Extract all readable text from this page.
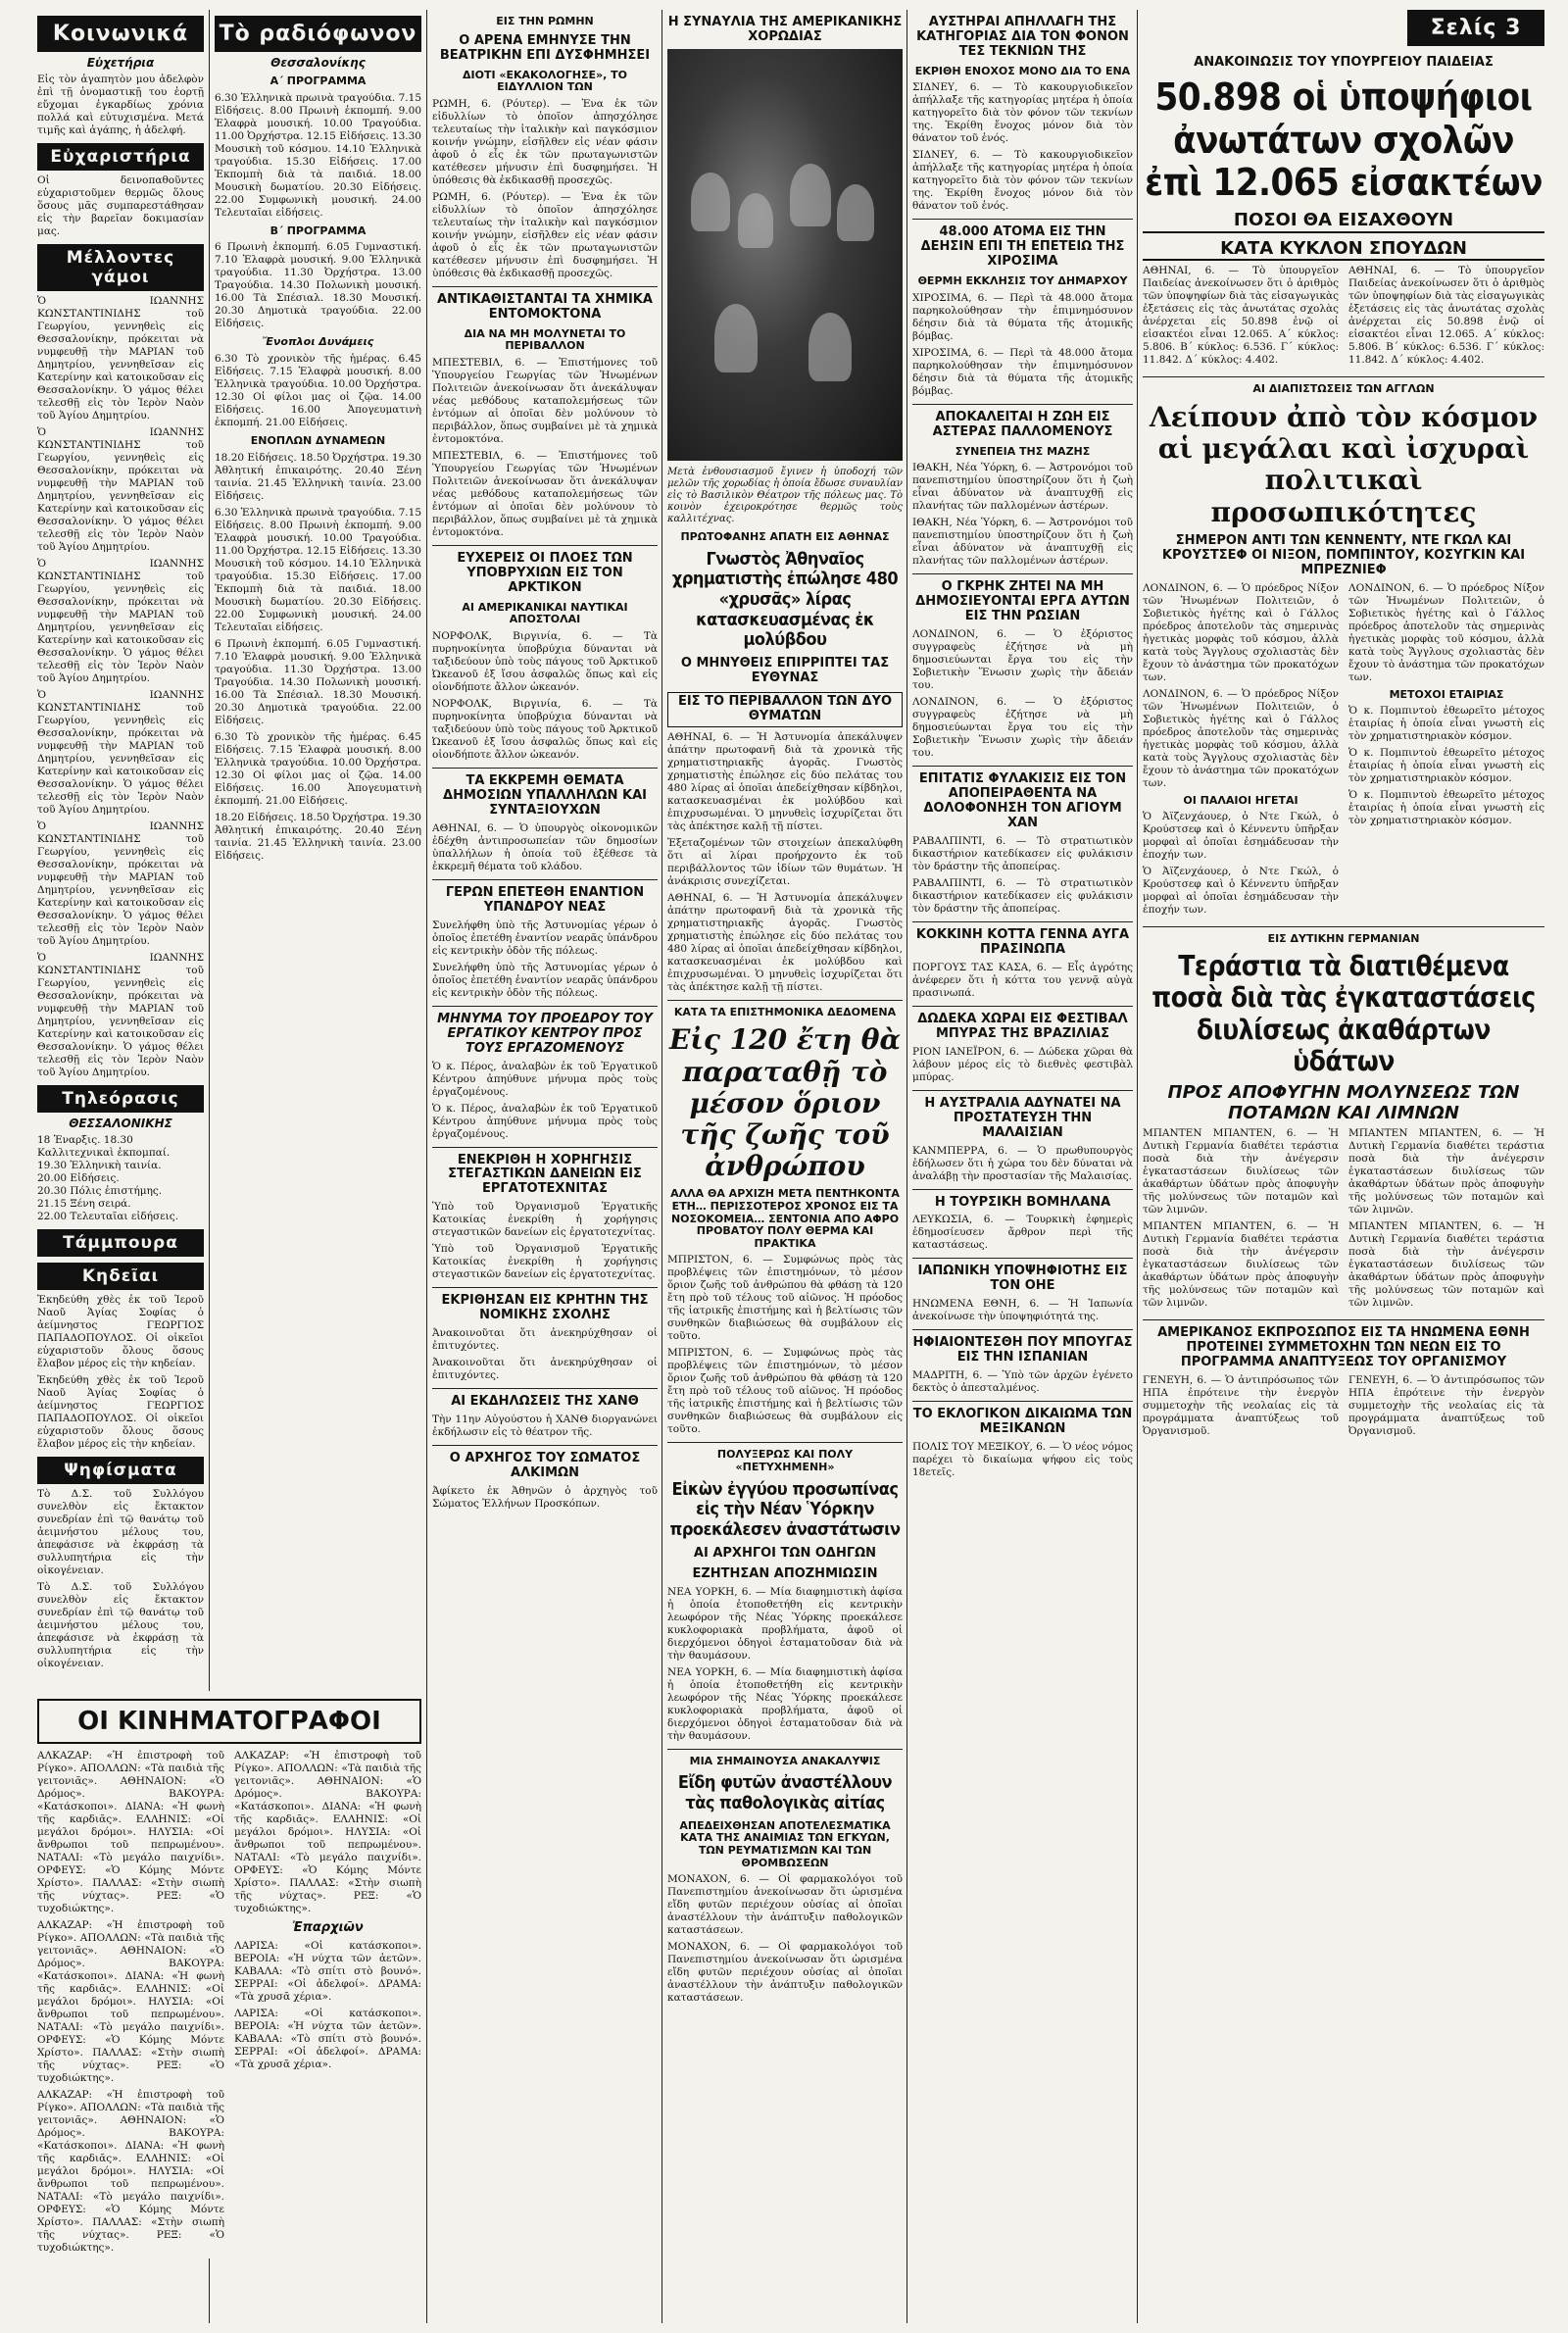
Κοινωνικά
Εὐχετήρια

Εἰς τὸν ἀγαπητὸν μου ἀδελφὸν ἐπὶ τῇ ὀνομαστικῇ του ἑορτῇ εὔχομαι ἐγκαρδίως χρόνια πολλά καὶ εὐτυχισμένα. Μετά τιμῆς καὶ ἀγάπης, ἡ ἀδελφή.

Εὐχαριστήρια

Οἱ δεινοπαθοῦντες εὐχαριστοῦμεν θερμῶς ὅλους ὅσους μᾶς συμπαρεστάθησαν εἰς τὴν βαρεῖαν δοκιμασίαν μας.

Μέλλοντες γάμοι

Ὁ ΙΩΑΝΝΗΣ ΚΩΝΣΤΑΝΤΙΝΙΔΗΣ τοῦ Γεωργίου, γεννηθεὶς εἰς Θεσσαλονίκην, πρόκειται νὰ νυμφευθῇ τὴν ΜΑΡΙΑΝ τοῦ Δημητρίου, γεννηθεῖσαν εἰς Κατερίνην καὶ κατοικοῦσαν εἰς Θεσσαλονίκην. Ὁ γάμος θέλει τελεσθῇ εἰς τὸν Ἱερὸν Ναὸν τοῦ Ἁγίου Δημητρίου.

Ὁ ΙΩΑΝΝΗΣ ΚΩΝΣΤΑΝΤΙΝΙΔΗΣ τοῦ Γεωργίου, γεννηθεὶς εἰς Θεσσαλονίκην, πρόκειται νὰ νυμφευθῇ τὴν ΜΑΡΙΑΝ τοῦ Δημητρίου, γεννηθεῖσαν εἰς Κατερίνην καὶ κατοικοῦσαν εἰς Θεσσαλονίκην. Ὁ γάμος θέλει τελεσθῇ εἰς τὸν Ἱερὸν Ναὸν τοῦ Ἁγίου Δημητρίου.

Ὁ ΙΩΑΝΝΗΣ ΚΩΝΣΤΑΝΤΙΝΙΔΗΣ τοῦ Γεωργίου, γεννηθεὶς εἰς Θεσσαλονίκην, πρόκειται νὰ νυμφευθῇ τὴν ΜΑΡΙΑΝ τοῦ Δημητρίου, γεννηθεῖσαν εἰς Κατερίνην καὶ κατοικοῦσαν εἰς Θεσσαλονίκην. Ὁ γάμος θέλει τελεσθῇ εἰς τὸν Ἱερὸν Ναὸν τοῦ Ἁγίου Δημητρίου.

Ὁ ΙΩΑΝΝΗΣ ΚΩΝΣΤΑΝΤΙΝΙΔΗΣ τοῦ Γεωργίου, γεννηθεὶς εἰς Θεσσαλονίκην, πρόκειται νὰ νυμφευθῇ τὴν ΜΑΡΙΑΝ τοῦ Δημητρίου, γεννηθεῖσαν εἰς Κατερίνην καὶ κατοικοῦσαν εἰς Θεσσαλονίκην. Ὁ γάμος θέλει τελεσθῇ εἰς τὸν Ἱερὸν Ναὸν τοῦ Ἁγίου Δημητρίου.

Ὁ ΙΩΑΝΝΗΣ ΚΩΝΣΤΑΝΤΙΝΙΔΗΣ τοῦ Γεωργίου, γεννηθεὶς εἰς Θεσσαλονίκην, πρόκειται νὰ νυμφευθῇ τὴν ΜΑΡΙΑΝ τοῦ Δημητρίου, γεννηθεῖσαν εἰς Κατερίνην καὶ κατοικοῦσαν εἰς Θεσσαλονίκην. Ὁ γάμος θέλει τελεσθῇ εἰς τὸν Ἱερὸν Ναὸν τοῦ Ἁγίου Δημητρίου.

Ὁ ΙΩΑΝΝΗΣ ΚΩΝΣΤΑΝΤΙΝΙΔΗΣ τοῦ Γεωργίου, γεννηθεὶς εἰς Θεσσαλονίκην, πρόκειται νὰ νυμφευθῇ τὴν ΜΑΡΙΑΝ τοῦ Δημητρίου, γεννηθεῖσαν εἰς Κατερίνην καὶ κατοικοῦσαν εἰς Θεσσαλονίκην. Ὁ γάμος θέλει τελεσθῇ εἰς τὸν Ἱερὸν Ναὸν τοῦ Ἁγίου Δημητρίου.

Τηλεόρασις
ΘΕΣΣΑΛΟΝΙΚΗΣ
18 Ἐναρξις. 18.30 Καλλιτεχνικαὶ ἐκπομπαί.
19.30 Ἐλληνικὴ ταινία.
20.00 Εἰδήσεις.
20.30 Πόλις ἐπιστήμης.
21.15 Ξένη σειρά.
22.00 Τελευταῖαι εἰδήσεις.
Τάμμπουρα
Κηδεῖαι

Ἐκηδεύθη χθὲς ἐκ τοῦ Ἱεροῦ Ναοῦ Ἁγίας Σοφίας ὁ ἀείμνηστος ΓΕΩΡΓΙΟΣ ΠΑΠΑΔΟΠΟΥΛΟΣ. Οἱ οἰκεῖοι εὐχαριστοῦν ὅλους ὅσους ἔλαβον μέρος εἰς τὴν κηδείαν.

Ἐκηδεύθη χθὲς ἐκ τοῦ Ἱεροῦ Ναοῦ Ἁγίας Σοφίας ὁ ἀείμνηστος ΓΕΩΡΓΙΟΣ ΠΑΠΑΔΟΠΟΥΛΟΣ. Οἱ οἰκεῖοι εὐχαριστοῦν ὅλους ὅσους ἔλαβον μέρος εἰς τὴν κηδείαν.

Ψηφίσματα

Τὸ Δ.Σ. τοῦ Συλλόγου συνελθὸν εἰς ἔκτακτον συνεδρίαν ἐπὶ τῷ θανάτῳ τοῦ ἀειμνήστου μέλους του, ἀπεφάσισε νὰ ἐκφράσῃ τὰ συλλυπητήρια εἰς τὴν οἰκογένειαν.

Τὸ Δ.Σ. τοῦ Συλλόγου συνελθὸν εἰς ἔκτακτον συνεδρίαν ἐπὶ τῷ θανάτῳ τοῦ ἀειμνήστου μέλους του, ἀπεφάσισε νὰ ἐκφράσῃ τὰ συλλυπητήρια εἰς τὴν οἰκογένειαν.

Τὸ ραδιόφωνον
Θεσσαλονίκης
Α΄ ΠΡΟΓΡΑΜΜΑ

6.30 Ἑλληνικὰ πρωινὰ τραγούδια. 7.15 Εἰδήσεις. 8.00 Πρωινὴ ἐκπομπή. 9.00 Ἐλαφρὰ μουσική. 10.00 Τραγούδια. 11.00 Ὀρχήστρα. 12.15 Εἰδήσεις. 13.30 Μουσικὴ τοῦ κόσμου. 14.10 Ἑλληνικὰ τραγούδια. 15.30 Εἰδήσεις. 17.00 Ἐκπομπὴ διὰ τὰ παιδιά. 18.00 Μουσικὴ δωματίου. 20.30 Εἰδήσεις. 22.00 Συμφωνικὴ μουσική. 24.00 Τελευταῖαι εἰδήσεις.

Β΄ ΠΡΟΓΡΑΜΜΑ

6 Πρωινὴ ἐκπομπή. 6.05 Γυμναστική. 7.10 Ἑλαφρὰ μουσική. 9.00 Ἐλληνικὰ τραγούδια. 11.30 Ὀρχήστρα. 13.00 Τραγούδια. 14.30 Πολωνικὴ μουσική. 16.00 Τὰ Σπέσιαλ. 18.30 Μουσική. 20.30 Δημοτικὰ τραγούδια. 22.00 Εἰδήσεις.

Ἔνοπλοι Δυνάμεις

6.30 Τὸ χρονικὸν τῆς ἡμέρας. 6.45 Εἰδήσεις. 7.15 Ἐλαφρὰ μουσική. 8.00 Ἐλληνικὰ τραγούδια. 10.00 Ὀρχήστρα. 12.30 Οἱ φίλοι μας οἱ ζῷα. 14.00 Εἰδήσεις. 16.00 Ἀπογευματινὴ ἐκπομπή. 21.00 Εἰδήσεις.

ΕΝΟΠΛΩΝ ΔΥΝΑΜΕΩΝ

18.20 Εἰδήσεις. 18.50 Ὀρχήστρα. 19.30 Ἀθλητική ἐπικαιρότης. 20.40 Ξένη ταινία. 21.45 Ἑλληνικὴ ταινία. 23.00 Εἰδήσεις.

6.30 Ἑλληνικὰ πρωινὰ τραγούδια. 7.15 Εἰδήσεις. 8.00 Πρωινὴ ἐκπομπή. 9.00 Ἐλαφρὰ μουσική. 10.00 Τραγούδια. 11.00 Ὀρχήστρα. 12.15 Εἰδήσεις. 13.30 Μουσικὴ τοῦ κόσμου. 14.10 Ἑλληνικὰ τραγούδια. 15.30 Εἰδήσεις. 17.00 Ἐκπομπὴ διὰ τὰ παιδιά. 18.00 Μουσικὴ δωματίου. 20.30 Εἰδήσεις. 22.00 Συμφωνικὴ μουσική. 24.00 Τελευταῖαι εἰδήσεις.

6 Πρωινὴ ἐκπομπή. 6.05 Γυμναστική. 7.10 Ἑλαφρὰ μουσική. 9.00 Ἐλληνικὰ τραγούδια. 11.30 Ὀρχήστρα. 13.00 Τραγούδια. 14.30 Πολωνικὴ μουσική. 16.00 Τὰ Σπέσιαλ. 18.30 Μουσική. 20.30 Δημοτικὰ τραγούδια. 22.00 Εἰδήσεις.

6.30 Τὸ χρονικὸν τῆς ἡμέρας. 6.45 Εἰδήσεις. 7.15 Ἐλαφρὰ μουσική. 8.00 Ἐλληνικὰ τραγούδια. 10.00 Ὀρχήστρα. 12.30 Οἱ φίλοι μας οἱ ζῷα. 14.00 Εἰδήσεις. 16.00 Ἀπογευματινὴ ἐκπομπή. 21.00 Εἰδήσεις.

18.20 Εἰδήσεις. 18.50 Ὀρχήστρα. 19.30 Ἀθλητική ἐπικαιρότης. 20.40 Ξένη ταινία. 21.45 Ἑλληνικὴ ταινία. 23.00 Εἰδήσεις.

ΟΙ ΚΙΝΗΜΑΤΟΓΡΑΦΟΙ

ΑΛΚΑΖΑΡ: «Ἡ ἐπιστροφὴ τοῦ Ρίγκο». ΑΠΟΛΛΩΝ: «Τὰ παιδιὰ τῆς γειτονιᾶς». ΑΘΗΝΑΙΟΝ: «Ὁ Δρόμος». ΒΑΚΟΥΡΑ: «Κατάσκοποι». ΔΙΑΝΑ: «Ἡ φωνὴ τῆς καρδιᾶς». ΕΛΛΗΝΙΣ: «Οἱ μεγάλοι δρόμοι». ΗΛΥΣΙΑ: «Οἱ ἄνθρωποι τοῦ πεπρωμένου». ΝΑΤΑΛΙ: «Τὸ μεγάλο παιχνίδι». ΟΡΦΕΥΣ: «Ὁ Κόμης Μόντε Χρίστο». ΠΑΛΛΑΣ: «Στὴν σιωπὴ τῆς νύχτας». ΡΕΞ: «Ὁ τυχοδιώκτης».

ΑΛΚΑΖΑΡ: «Ἡ ἐπιστροφὴ τοῦ Ρίγκο». ΑΠΟΛΛΩΝ: «Τὰ παιδιὰ τῆς γειτονιᾶς». ΑΘΗΝΑΙΟΝ: «Ὁ Δρόμος». ΒΑΚΟΥΡΑ: «Κατάσκοποι». ΔΙΑΝΑ: «Ἡ φωνὴ τῆς καρδιᾶς». ΕΛΛΗΝΙΣ: «Οἱ μεγάλοι δρόμοι». ΗΛΥΣΙΑ: «Οἱ ἄνθρωποι τοῦ πεπρωμένου». ΝΑΤΑΛΙ: «Τὸ μεγάλο παιχνίδι». ΟΡΦΕΥΣ: «Ὁ Κόμης Μόντε Χρίστο». ΠΑΛΛΑΣ: «Στὴν σιωπὴ τῆς νύχτας». ΡΕΞ: «Ὁ τυχοδιώκτης».

ΑΛΚΑΖΑΡ: «Ἡ ἐπιστροφὴ τοῦ Ρίγκο». ΑΠΟΛΛΩΝ: «Τὰ παιδιὰ τῆς γειτονιᾶς». ΑΘΗΝΑΙΟΝ: «Ὁ Δρόμος». ΒΑΚΟΥΡΑ: «Κατάσκοποι». ΔΙΑΝΑ: «Ἡ φωνὴ τῆς καρδιᾶς». ΕΛΛΗΝΙΣ: «Οἱ μεγάλοι δρόμοι». ΗΛΥΣΙΑ: «Οἱ ἄνθρωποι τοῦ πεπρωμένου». ΝΑΤΑΛΙ: «Τὸ μεγάλο παιχνίδι». ΟΡΦΕΥΣ: «Ὁ Κόμης Μόντε Χρίστο». ΠΑΛΛΑΣ: «Στὴν σιωπὴ τῆς νύχτας». ΡΕΞ: «Ὁ τυχοδιώκτης».

ΑΛΚΑΖΑΡ: «Ἡ ἐπιστροφὴ τοῦ Ρίγκο». ΑΠΟΛΛΩΝ: «Τὰ παιδιὰ τῆς γειτονιᾶς». ΑΘΗΝΑΙΟΝ: «Ὁ Δρόμος». ΒΑΚΟΥΡΑ: «Κατάσκοποι». ΔΙΑΝΑ: «Ἡ φωνὴ τῆς καρδιᾶς». ΕΛΛΗΝΙΣ: «Οἱ μεγάλοι δρόμοι». ΗΛΥΣΙΑ: «Οἱ ἄνθρωποι τοῦ πεπρωμένου». ΝΑΤΑΛΙ: «Τὸ μεγάλο παιχνίδι». ΟΡΦΕΥΣ: «Ὁ Κόμης Μόντε Χρίστο». ΠΑΛΛΑΣ: «Στὴν σιωπὴ τῆς νύχτας». ΡΕΞ: «Ὁ τυχοδιώκτης».

Ἐπαρχιῶν

ΛΑΡΙΣΑ: «Οἱ κατάσκοποι». ΒΕΡΟΙΑ: «Ἡ νύχτα τῶν ἀετῶν». ΚΑΒΑΛΑ: «Τὸ σπίτι στὸ βουνό». ΣΕΡΡΑΙ: «Οἱ ἀδελφοί». ΔΡΑΜΑ: «Τὰ χρυσᾶ χέρια».

ΛΑΡΙΣΑ: «Οἱ κατάσκοποι». ΒΕΡΟΙΑ: «Ἡ νύχτα τῶν ἀετῶν». ΚΑΒΑΛΑ: «Τὸ σπίτι στὸ βουνό». ΣΕΡΡΑΙ: «Οἱ ἀδελφοί». ΔΡΑΜΑ: «Τὰ χρυσᾶ χέρια».

ΕΙΣ ΤΗΝ ΡΩΜΗΝ
Ο ΑΡΕΝΑ ΕΜΗΝΥΣΕ ΤΗΝ ΒΕΑΤΡΙΚΗΝ ΕΠΙ ΔΥΣΦΗΜΗΣΕΙ
ΔΙΟΤΙ «ΕΚΑΚΟΛΟΓΗΣΕ», ΤΟ ΕΙΔΥΛΛΙΟΝ ΤΩΝ

ΡΩΜΗ, 6. (Ρόυτερ). — Ἑνα ἐκ τῶν εἰδυλλίων τὸ ὁποῖον ἀπησχόλησε τελευταίως τὴν ἰταλικὴν καὶ παγκόσμιον κοινήν γνώμην, εἰσῆλθεν εἰς νέαν φάσιν ἀφοῦ ὁ εἷς ἐκ τῶν πρωταγωνιστῶν κατέθεσεν μήνυσιν ἐπὶ δυσφημήσει. Ἡ ὑπόθεσις θὰ ἐκδικασθῇ προσεχῶς.

ΡΩΜΗ, 6. (Ρόυτερ). — Ἑνα ἐκ τῶν εἰδυλλίων τὸ ὁποῖον ἀπησχόλησε τελευταίως τὴν ἰταλικὴν καὶ παγκόσμιον κοινήν γνώμην, εἰσῆλθεν εἰς νέαν φάσιν ἀφοῦ ὁ εἷς ἐκ τῶν πρωταγωνιστῶν κατέθεσεν μήνυσιν ἐπὶ δυσφημήσει. Ἡ ὑπόθεσις θὰ ἐκδικασθῇ προσεχῶς.

ΑΝΤΙΚΑΘΙΣΤΑΝΤΑΙ ΤΑ ΧΗΜΙΚΑ ΕΝΤΟΜΟΚΤΟΝΑ
ΔΙΑ ΝΑ ΜΗ ΜΟΛΥΝΕΤΑΙ ΤΟ ΠΕΡΙΒΑΛΛΟΝ

ΜΠΕΣΤΕΒΙΛ, 6. — Ἐπιστήμονες τοῦ Ὑπουργείου Γεωργίας τῶν Ἡνωμένων Πολιτειῶν ἀνεκοίνωσαν ὅτι ἀνεκάλυψαν νέας μεθόδους καταπολεμήσεως τῶν ἐντόμων αἱ ὁποῖαι δὲν μολύνουν τὸ περιβάλλον, ὅπως συμβαίνει μὲ τὰ χημικὰ ἐντομοκτόνα.

ΜΠΕΣΤΕΒΙΛ, 6. — Ἐπιστήμονες τοῦ Ὑπουργείου Γεωργίας τῶν Ἡνωμένων Πολιτειῶν ἀνεκοίνωσαν ὅτι ἀνεκάλυψαν νέας μεθόδους καταπολεμήσεως τῶν ἐντόμων αἱ ὁποῖαι δὲν μολύνουν τὸ περιβάλλον, ὅπως συμβαίνει μὲ τὰ χημικὰ ἐντομοκτόνα.

ΕΥΧΕΡΕΙΣ ΟΙ ΠΛΟΕΣ ΤΩΝ ΥΠΟΒΡΥΧΙΩΝ ΕΙΣ ΤΟΝ ΑΡΚΤΙΚΟΝ
ΑΙ ΑΜΕΡΙΚΑΝΙΚΑΙ ΝΑΥΤΙΚΑΙ ΑΠΟΣΤΟΛΑΙ

ΝΟΡΦΟΛΚ, Βιργινία, 6. — Τὰ πυρηνοκίνητα ὑποβρύχια δύνανται νὰ ταξιδεύουν ὑπὸ τοὺς πάγους τοῦ Ἀρκτικοῦ Ὠκεανοῦ ἐξ ἴσου ἀσφαλῶς ὅπως καὶ εἰς οἱονδήποτε ἄλλον ὠκεανόν.

ΝΟΡΦΟΛΚ, Βιργινία, 6. — Τὰ πυρηνοκίνητα ὑποβρύχια δύνανται νὰ ταξιδεύουν ὑπὸ τοὺς πάγους τοῦ Ἀρκτικοῦ Ὠκεανοῦ ἐξ ἴσου ἀσφαλῶς ὅπως καὶ εἰς οἱονδήποτε ἄλλον ὠκεανόν.

ΤΑ ΕΚΚΡΕΜΗ ΘΕΜΑΤΑ ΔΗΜΟΣΙΩΝ ΥΠΑΛΛΗΛΩΝ ΚΑΙ ΣΥΝΤΑΞΙΟΥΧΩΝ

ΑΘΗΝΑΙ, 6. — Ὁ ὑπουργὸς οἰκονομικῶν ἐδέχθη ἀντιπροσωπείαν τῶν δημοσίων ὑπαλλήλων ἡ ὁποία τοῦ ἐξέθεσε τὰ ἐκκρεμῆ θέματα τοῦ κλάδου.

ΓΕΡΩΝ ΕΠΕΤΕΘΗ ΕΝΑΝΤΙΟΝ ΥΠΑΝΔΡΟΥ ΝΕΑΣ

Συνελήφθη ὑπὸ τῆς Ἀστυνομίας γέρων ὁ ὁποῖος ἐπετέθη ἐναντίον νεαρᾶς ὑπάνδρου εἰς κεντρικὴν ὁδὸν τῆς πόλεως.

Συνελήφθη ὑπὸ τῆς Ἀστυνομίας γέρων ὁ ὁποῖος ἐπετέθη ἐναντίον νεαρᾶς ὑπάνδρου εἰς κεντρικὴν ὁδὸν τῆς πόλεως.

ΜΗΝΥΜΑ ΤΟΥ ΠΡΟΕΔΡΟΥ ΤΟΥ ΕΡΓΑΤΙΚΟΥ ΚΕΝΤΡΟΥ ΠΡΟΣ ΤΟΥΣ ΕΡΓΑΖΟΜΕΝΟΥΣ

Ὁ κ. Πέρος, ἀναλαβὼν ἐκ τοῦ Ἐργατικοῦ Κέντρου ἀπηύθυνε μήνυμα πρὸς τοὺς ἐργαζομένους.

Ὁ κ. Πέρος, ἀναλαβὼν ἐκ τοῦ Ἐργατικοῦ Κέντρου ἀπηύθυνε μήνυμα πρὸς τοὺς ἐργαζομένους.

ΕΝΕΚΡΙΘΗ Η ΧΟΡΗΓΗΣΙΣ ΣΤΕΓΑΣΤΙΚΩΝ ΔΑΝΕΙΩΝ ΕΙΣ ΕΡΓΑΤΟΤΕΧΝΙΤΑΣ

Ὑπὸ τοῦ Ὀργανισμοῦ Ἐργατικῆς Κατοικίας ἐνεκρίθη ἡ χορήγησις στεγαστικῶν δανείων εἰς ἐργατοτεχνίτας.

Ὑπὸ τοῦ Ὀργανισμοῦ Ἐργατικῆς Κατοικίας ἐνεκρίθη ἡ χορήγησις στεγαστικῶν δανείων εἰς ἐργατοτεχνίτας.

ΕΚΡΙΘΗΣΑΝ ΕΙΣ ΚΡΗΤΗΝ ΤΗΣ ΝΟΜΙΚΗΣ ΣΧΟΛΗΣ

Ἀνακοινοῦται ὅτι ἀνεκηρύχθησαν οἱ ἐπιτυχόντες.

Ἀνακοινοῦται ὅτι ἀνεκηρύχθησαν οἱ ἐπιτυχόντες.

ΑΙ ΕΚΔΗΛΩΣΕΙΣ ΤΗΣ ΧΑΝΘ

Τὴν 11ην Αὐγούστου ἡ ΧΑΝΘ διοργανώνει ἐκδήλωσιν εἰς τὸ θέατρον τῆς.

Ο ΑΡΧΗΓΟΣ ΤΟΥ ΣΩΜΑΤΟΣ ΑΛΚΙΜΩΝ

Ἀφίκετο ἐκ Ἀθηνῶν ὁ ἀρχηγὸς τοῦ Σώματος Ἑλλήνων Προσκόπων.

Η ΣΥΝΑΥΛΙΑ ΤΗΣ ΑΜΕΡΙΚΑΝΙΚΗΣ ΧΟΡΩΔΙΑΣ
Μετὰ ἐνθουσιασμοῦ ἔγινεν ἡ ὑποδοχή τῶν μελῶν τῆς χορωδίας ἡ ὁποία ἔδωσε συναυλίαν εἰς τὸ Βασιλικὸν Θέατρον τῆς πόλεως μας. Τὸ κοινὸν ἐχειροκρότησε θερμῶς τοὺς καλλιτέχνας.
ΠΡΩΤΟΦΑΝΗΣ ΑΠΑΤΗ ΕΙΣ ΑΘΗΝΑΣ
Γνωστὸς Ἀθηναῖος χρηματιστὴς ἐπώλησε 480 «χρυσᾶς» λίρας κατασκευασμένας ἐκ μολύβδου
Ο ΜΗΝΥΘΕΙΣ ΕΠΙΡΡΙΠΤΕΙ ΤΑΣ ΕΥΘΥΝΑΣ
ΕΙΣ ΤΟ ΠΕΡΙΒΑΛΛΟΝ ΤΩΝ ΔΥΟ ΘΥΜΑΤΩΝ

ΑΘΗΝΑΙ, 6. — Ἡ Ἀστυνομία ἀπεκάλυψεν ἀπάτην πρωτοφανῆ διὰ τὰ χρονικὰ τῆς χρηματιστηριακῆς ἀγορᾶς. Γνωστὸς χρηματιστὴς ἐπώλησε εἰς δύο πελάτας του 480 λίρας αἱ ὁποῖαι ἀπεδείχθησαν κίβδηλοι, κατασκευασμέναι ἐκ μολύβδου καὶ ἐπιχρυσωμέναι. Ὁ μηνυθεὶς ἰσχυρίζεται ὅτι τὰς ἀπέκτησε καλῇ τῇ πίστει.

Ἐξεταζομένων τῶν στοιχείων ἀπεκαλύφθη ὅτι αἱ λίραι προήρχοντο ἐκ τοῦ περιβάλλοντος τῶν ἰδίων τῶν θυμάτων. Ἡ ἀνάκρισις συνεχίζεται.

ΑΘΗΝΑΙ, 6. — Ἡ Ἀστυνομία ἀπεκάλυψεν ἀπάτην πρωτοφανῆ διὰ τὰ χρονικὰ τῆς χρηματιστηριακῆς ἀγορᾶς. Γνωστὸς χρηματιστὴς ἐπώλησε εἰς δύο πελάτας του 480 λίρας αἱ ὁποῖαι ἀπεδείχθησαν κίβδηλοι, κατασκευασμέναι ἐκ μολύβδου καὶ ἐπιχρυσωμέναι. Ὁ μηνυθεὶς ἰσχυρίζεται ὅτι τὰς ἀπέκτησε καλῇ τῇ πίστει.

ΚΑΤΑ ΤΑ ΕΠΙΣΤΗΜΟΝΙΚΑ ΔΕΔΟΜΕΝΑ
Εἰς 120 ἔτη θὰ παραταθῇ τὸ μέσον ὅριον τῆς ζωῆς τοῦ ἀνθρώπου
ΑΛΛΑ ΘΑ ΑΡΧΙΖΗ ΜΕΤΑ ΠΕΝΤΗΚΟΝΤΑ ΕΤΗ… ΠΕΡΙΣΣΟΤΕΡΟΣ ΧΡΟΝΟΣ ΕΙΣ ΤΑ ΝΟΣΟΚΟΜΕΙΑ… ΣΕΝΤΟΝΙΑ ΑΠΟ ΑΦΡΟ ΠΡΟΒΑΤΟΥ ΠΟΛΥ ΘΕΡΜΑ ΚΑΙ ΠΡΑΚΤΙΚΑ

ΜΠΡΙΣΤΟΝ, 6. — Συμφώνως πρὸς τὰς προβλέψεις τῶν ἐπιστημόνων, τὸ μέσον ὅριον ζωῆς τοῦ ἀνθρώπου θὰ φθάσῃ τὰ 120 ἔτη πρὸ τοῦ τέλους τοῦ αἰῶνος. Ἡ πρόοδος τῆς ἰατρικῆς ἐπιστήμης καὶ ἡ βελτίωσις τῶν συνθηκῶν διαβιώσεως θὰ συμβάλουν εἰς τοῦτο.

ΜΠΡΙΣΤΟΝ, 6. — Συμφώνως πρὸς τὰς προβλέψεις τῶν ἐπιστημόνων, τὸ μέσον ὅριον ζωῆς τοῦ ἀνθρώπου θὰ φθάσῃ τὰ 120 ἔτη πρὸ τοῦ τέλους τοῦ αἰῶνος. Ἡ πρόοδος τῆς ἰατρικῆς ἐπιστήμης καὶ ἡ βελτίωσις τῶν συνθηκῶν διαβιώσεως θὰ συμβάλουν εἰς τοῦτο.

ΠΟΛΥΞΕΡΩΣ ΚΑΙ ΠΟΛΥ «ΠΕΤΥΧΗΜΕΝΗ»
Εἰκὼν ἐγγύου προσωπίνας εἰς τὴν Νέαν Ὑόρκην προεκάλεσεν ἀναστάτωσιν
ΑΙ ΑΡΧΗΓΟΙ ΤΩΝ ΟΔΗΓΩΝ
ΕΖΗΤΗΣΑΝ ΑΠΟΖΗΜΙΩΣΙΝ

ΝΕΑ ΥΟΡΚΗ, 6. — Μία διαφημιστικὴ ἀφίσα ἡ ὁποία ἐτοποθετήθη εἰς κεντρικὴν λεωφόρον τῆς Νέας Ὑόρκης προεκάλεσε κυκλοφοριακὰ προβλήματα, ἀφοῦ οἱ διερχόμενοι ὁδηγοὶ ἐσταματοῦσαν διὰ νὰ τὴν θαυμάσουν.

ΝΕΑ ΥΟΡΚΗ, 6. — Μία διαφημιστικὴ ἀφίσα ἡ ὁποία ἐτοποθετήθη εἰς κεντρικὴν λεωφόρον τῆς Νέας Ὑόρκης προεκάλεσε κυκλοφοριακὰ προβλήματα, ἀφοῦ οἱ διερχόμενοι ὁδηγοὶ ἐσταματοῦσαν διὰ νὰ τὴν θαυμάσουν.

ΜΙΑ ΣΗΜΑΙΝΟΥΣΑ ΑΝΑΚΑΛΥΨΙΣ
Εἴδη φυτῶν ἀναστέλλουν τὰς παθολογικὰς αἰτίας
ΑΠΕΔΕΙΧΘΗΣΑΝ ΑΠΟΤΕΛΕΣΜΑΤΙΚΑ ΚΑΤΑ ΤΗΣ ΑΝΑΙΜΙΑΣ ΤΩΝ ΕΓΚΥΩΝ, ΤΩΝ ΡΕΥΜΑΤΙΣΜΩΝ ΚΑΙ ΤΩΝ ΘΡΟΜΒΩΣΕΩΝ

ΜΟΝΑΧΟΝ, 6. — Οἱ φαρμακολόγοι τοῦ Πανεπιστημίου ἀνεκοίνωσαν ὅτι ὡρισμένα εἴδη φυτῶν περιέχουν οὐσίας αἱ ὁποῖαι ἀναστέλλουν τὴν ἀνάπτυξιν παθολογικῶν καταστάσεων.

ΜΟΝΑΧΟΝ, 6. — Οἱ φαρμακολόγοι τοῦ Πανεπιστημίου ἀνεκοίνωσαν ὅτι ὡρισμένα εἴδη φυτῶν περιέχουν οὐσίας αἱ ὁποῖαι ἀναστέλλουν τὴν ἀνάπτυξιν παθολογικῶν καταστάσεων.

ΑΥΣΤΗΡΑΙ ΑΠΗΛΛΑΓΗ ΤΗΣ ΚΑΤΗΓΟΡΙΑΣ ΔΙΑ ΤΟΝ ΦΟΝΟΝ ΤΕΣ ΤΕΚΝΙΩΝ ΤΗΣ
ΕΚΡΙΘΗ ΕΝΟΧΟΣ ΜΟΝΟ ΔΙΑ ΤΟ ΕΝΑ

ΣΙΔΝΕΥ, 6. — Τὸ κακουργιοδικεῖον ἀπήλλαξε τῆς κατηγορίας μητέρα ἡ ὁποία κατηγορεῖτο διὰ τὸν φόνον τῶν τεκνίων της. Ἐκρίθη ἔνοχος μόνον διὰ τὸν θάνατον τοῦ ἑνός.

ΣΙΔΝΕΥ, 6. — Τὸ κακουργιοδικεῖον ἀπήλλαξε τῆς κατηγορίας μητέρα ἡ ὁποία κατηγορεῖτο διὰ τὸν φόνον τῶν τεκνίων της. Ἐκρίθη ἔνοχος μόνον διὰ τὸν θάνατον τοῦ ἑνός.

48.000 ΑΤΟΜΑ ΕΙΣ ΤΗΝ ΔΕΗΣΙΝ ΕΠΙ ΤΗ ΕΠΕΤΕΙΩ ΤΗΣ ΧΙΡΟΣΙΜΑ
ΘΕΡΜΗ ΕΚΚΛΗΣΙΣ ΤΟΥ ΔΗΜΑΡΧΟΥ

ΧΙΡΟΣΙΜΑ, 6. — Περὶ τὰ 48.000 ἄτομα παρηκολούθησαν τὴν ἐπιμνημόσυνον δέησιν διὰ τὰ θύματα τῆς ἀτομικῆς βόμβας.

ΧΙΡΟΣΙΜΑ, 6. — Περὶ τὰ 48.000 ἄτομα παρηκολούθησαν τὴν ἐπιμνημόσυνον δέησιν διὰ τὰ θύματα τῆς ἀτομικῆς βόμβας.

ΑΠΟΚΑΛΕΙΤΑΙ Η ΖΩΗ ΕΙΣ ΑΣΤΕΡΑΣ ΠΑΛΛΟΜΕΝΟΥΣ
ΣΥΝΕΠΕΙΑ ΤΗΣ ΜΑΖΗΣ

ΙΘΑΚΗ, Νέα Ὑόρκη, 6. — Ἀστρονόμοι τοῦ πανεπιστημίου ὑποστηρίζουν ὅτι ἡ ζωὴ εἶναι ἀδύνατον νὰ ἀναπτυχθῇ εἰς πλανήτας τῶν παλλομένων ἀστέρων.

ΙΘΑΚΗ, Νέα Ὑόρκη, 6. — Ἀστρονόμοι τοῦ πανεπιστημίου ὑποστηρίζουν ὅτι ἡ ζωὴ εἶναι ἀδύνατον νὰ ἀναπτυχθῇ εἰς πλανήτας τῶν παλλομένων ἀστέρων.

Ο ΓΚΡΗΚ ΖΗΤΕΙ ΝΑ ΜΗ ΔΗΜΟΣΙΕΥΟΝΤΑΙ ΕΡΓΑ ΑΥΤΩΝ ΕΙΣ ΤΗΝ ΡΩΣΙΑΝ

ΛΟΝΔΙΝΟΝ, 6. — Ὁ ἐξόριστος συγγραφεὺς ἐζήτησε νὰ μὴ δημοσιεύωνται ἔργα του εἰς τὴν Σοβιετικὴν Ἕνωσιν χωρὶς τὴν ἄδειάν του.

ΛΟΝΔΙΝΟΝ, 6. — Ὁ ἐξόριστος συγγραφεὺς ἐζήτησε νὰ μὴ δημοσιεύωνται ἔργα του εἰς τὴν Σοβιετικὴν Ἕνωσιν χωρὶς τὴν ἄδειάν του.

ΕΠΙΤΑΤΙΣ ΦΥΛΑΚΙΣΙΣ ΕΙΣ ΤΟΝ ΑΠΟΠΕΙΡΑΘΕΝΤΑ ΝΑ ΔΟΛΟΦΟΝΗΣΗ ΤΟΝ ΑΓΙΟΥΜ ΧΑΝ

ΡΑΒΑΛΠΙΝΤΙ, 6. — Τὸ στρατιωτικὸν δικαστήριον κατεδίκασεν εἰς φυλάκισιν τὸν δράστην τῆς ἀποπείρας.

ΡΑΒΑΛΠΙΝΤΙ, 6. — Τὸ στρατιωτικὸν δικαστήριον κατεδίκασεν εἰς φυλάκισιν τὸν δράστην τῆς ἀποπείρας.

ΚΟΚΚΙΝΗ ΚΟΤΤΑ ΓΕΝΝΑ ΑΥΓΑ ΠΡΑΣΙΝΩΠΑ

ΠΟΡΓΟΥΣ ΤΑΣ ΚΑΣΑ, 6. — Εἷς ἀγρότης ἀνέφερεν ὅτι ἡ κόττα του γεννᾷ αὐγὰ πρασινωπά.

ΔΩΔΕΚΑ ΧΩΡΑΙ ΕΙΣ ΦΕΣΤΙΒΑΛ ΜΠΥΡΑΣ ΤΗΣ ΒΡΑΖΙΛΙΑΣ

ΡΙΟΝ ΙΑΝΕΪΡΟΝ, 6. — Δώδεκα χῶραι θὰ λάβουν μέρος εἰς τὸ διεθνὲς φεστιβὰλ μπύρας.

Η ΑΥΣΤΡΑΛΙΑ ΑΔΥΝΑΤΕΙ ΝΑ ΠΡΟΣΤΑΤΕΥΣΗ ΤΗΝ ΜΑΛΑΙΣΙΑΝ

ΚΑΝΜΠΕΡΡΑ, 6. — Ὁ πρωθυπουργὸς ἐδήλωσεν ὅτι ἡ χώρα του δὲν δύναται νὰ ἀναλάβῃ τὴν προστασίαν τῆς Μαλαισίας.

Η ΤΟΥΡΣΙΚΗ ΒΟΜΗΛΑΝΑ

ΛΕΥΚΩΣΙΑ, 6. — Τουρκικὴ ἐφημερὶς ἐδημοσίευσεν ἄρθρον περὶ τῆς καταστάσεως.

ΙΑΠΩΝΙΚΗ ΥΠΟΨΗΦΙΟΤΗΣ ΕΙΣ ΤΟΝ ΟΗΕ

ΗΝΩΜΕΝΑ ΕΘΝΗ, 6. — Ἡ Ἰαπωνία ἀνεκοίνωσε τὴν ὑποψηφιότητά της.

ΗΦΙΑΙΟΝΤΕΣΘΗ ΠΟΥ ΜΠΟΥΓΑΣ ΕΙΣ ΤΗΝ ΙΣΠΑΝΙΑΝ

ΜΑΔΡΙΤΗ, 6. — Ὑπὸ τῶν ἀρχῶν ἐγένετο δεκτὸς ὁ ἀπεσταλμένος.

ΤΟ ΕΚΛΟΓΙΚΟΝ ΔΙΚΑΙΩΜΑ ΤΩΝ ΜΕΞΙΚΑΝΩΝ

ΠΟΛΙΣ ΤΟΥ ΜΕΞΙΚΟΥ, 6. — Ὁ νέος νόμος παρέχει τὸ δικαίωμα ψήφου εἰς τοὺς 18ετεῖς.

Σελίς 3
ΑΝΑΚΟΙΝΩΣΙΣ ΤΟΥ ΥΠΟΥΡΓΕΙΟΥ ΠΑΙΔΕΙΑΣ
50.898 οἱ ὑποψήφιοι ἀνωτάτων σχολῶν ἐπὶ 12.065 εἰσακτέων
ΠΟΣΟΙ ΘΑ ΕΙΣΑΧΘΟΥΝ
ΚΑΤΑ ΚΥΚΛΟΝ ΣΠΟΥΔΩΝ

ΑΘΗΝΑΙ, 6. — Τὸ ὑπουργεῖον Παιδείας ἀνεκοίνωσεν ὅτι ὁ ἀριθμὸς τῶν ὑποψηφίων διὰ τὰς εἰσαγωγικὰς ἐξετάσεις εἰς τὰς ἀνωτάτας σχολὰς ἀνέρχεται εἰς 50.898 ἐνῷ οἱ εἰσακτέοι εἶναι 12.065. Α΄ κύκλος: 5.806. Β΄ κύκλος: 6.536. Γ΄ κύκλος: 11.842. Δ΄ κύκλος: 4.402.

ΑΘΗΝΑΙ, 6. — Τὸ ὑπουργεῖον Παιδείας ἀνεκοίνωσεν ὅτι ὁ ἀριθμὸς τῶν ὑποψηφίων διὰ τὰς εἰσαγωγικὰς ἐξετάσεις εἰς τὰς ἀνωτάτας σχολὰς ἀνέρχεται εἰς 50.898 ἐνῷ οἱ εἰσακτέοι εἶναι 12.065. Α΄ κύκλος: 5.806. Β΄ κύκλος: 6.536. Γ΄ κύκλος: 11.842. Δ΄ κύκλος: 4.402.

ΑΙ ΔΙΑΠΙΣΤΩΣΕΙΣ ΤΩΝ ΑΓΓΛΩΝ
Λείπουν ἀπὸ τὸν κόσμον αἱ μεγάλαι καὶ ἰσχυραὶ πολιτικαὶ προσωπικότητες
ΣΗΜΕΡΟΝ ΑΝΤΙ ΤΩΝ ΚΕΝΝΕΝΤΥ, ΝΤΕ ΓΚΩΛ ΚΑΙ ΚΡΟΥΣΤΣΕΦ ΟΙ ΝΙΞΟΝ, ΠΟΜΠΙΝΤΟΥ, ΚΟΣΥΓΚΙΝ ΚΑΙ ΜΠΡΕΖΝΙΕΦ

ΛΟΝΔΙΝΟΝ, 6. — Ὁ πρόεδρος Νίξον τῶν Ἡνωμένων Πολιτειῶν, ὁ Σοβιετικὸς ἡγέτης καὶ ὁ Γάλλος πρόεδρος ἀποτελοῦν τὰς σημερινὰς ἡγετικὰς μορφὰς τοῦ κόσμου, ἀλλὰ κατὰ τοὺς Ἄγγλους σχολιαστὰς δὲν ἔχουν τὸ ἀνάστημα τῶν προκατόχων των.

ΛΟΝΔΙΝΟΝ, 6. — Ὁ πρόεδρος Νίξον τῶν Ἡνωμένων Πολιτειῶν, ὁ Σοβιετικὸς ἡγέτης καὶ ὁ Γάλλος πρόεδρος ἀποτελοῦν τὰς σημερινὰς ἡγετικὰς μορφὰς τοῦ κόσμου, ἀλλὰ κατὰ τοὺς Ἄγγλους σχολιαστὰς δὲν ἔχουν τὸ ἀνάστημα τῶν προκατόχων των.

ΟΙ ΠΑΛΑΙΟΙ ΗΓΕΤΑΙ

Ὁ Ἀϊζενχάουερ, ὁ Ντε Γκώλ, ὁ Κρούστσεφ καὶ ὁ Κέννεντυ ὑπῆρξαν μορφαὶ αἱ ὁποῖαι ἐσημάδευσαν τὴν ἐποχήν των.

Ὁ Ἀϊζενχάουερ, ὁ Ντε Γκώλ, ὁ Κρούστσεφ καὶ ὁ Κέννεντυ ὑπῆρξαν μορφαὶ αἱ ὁποῖαι ἐσημάδευσαν τὴν ἐποχήν των.

ΛΟΝΔΙΝΟΝ, 6. — Ὁ πρόεδρος Νίξον τῶν Ἡνωμένων Πολιτειῶν, ὁ Σοβιετικὸς ἡγέτης καὶ ὁ Γάλλος πρόεδρος ἀποτελοῦν τὰς σημερινὰς ἡγετικὰς μορφὰς τοῦ κόσμου, ἀλλὰ κατὰ τοὺς Ἄγγλους σχολιαστὰς δὲν ἔχουν τὸ ἀνάστημα τῶν προκατόχων των.

ΜΕΤΟΧΟΙ ΕΤΑΙΡΙΑΣ

Ὁ κ. Πομπιντοὺ ἐθεωρεῖτο μέτοχος ἑταιρίας ἡ ὁποία εἶναι γνωστὴ εἰς τὸν χρηματιστηριακὸν κόσμον.

Ὁ κ. Πομπιντοὺ ἐθεωρεῖτο μέτοχος ἑταιρίας ἡ ὁποία εἶναι γνωστὴ εἰς τὸν χρηματιστηριακὸν κόσμον.

Ὁ κ. Πομπιντοὺ ἐθεωρεῖτο μέτοχος ἑταιρίας ἡ ὁποία εἶναι γνωστὴ εἰς τὸν χρηματιστηριακὸν κόσμον.

ΕΙΣ ΔΥΤΙΚΗΝ ΓΕΡΜΑΝΙΑΝ
Τεράστια τὰ διατιθέμενα ποσὰ διὰ τὰς ἐγκαταστάσεις διυλίσεως ἀκαθάρτων ὑδάτων
ΠΡΟΣ ΑΠΟΦΥΓΗΝ ΜΟΛΥΝΣΕΩΣ ΤΩΝ ΠΟΤΑΜΩΝ ΚΑΙ ΛΙΜΝΩΝ

ΜΠΑΝΤΕΝ ΜΠΑΝΤΕΝ, 6. — Ἡ Δυτικὴ Γερμανία διαθέτει τεράστια ποσὰ διὰ τὴν ἀνέγερσιν ἐγκαταστάσεων διυλίσεως τῶν ἀκαθάρτων ὑδάτων πρὸς ἀποφυγὴν τῆς μολύνσεως τῶν ποταμῶν καὶ τῶν λιμνῶν.

ΜΠΑΝΤΕΝ ΜΠΑΝΤΕΝ, 6. — Ἡ Δυτικὴ Γερμανία διαθέτει τεράστια ποσὰ διὰ τὴν ἀνέγερσιν ἐγκαταστάσεων διυλίσεως τῶν ἀκαθάρτων ὑδάτων πρὸς ἀποφυγὴν τῆς μολύνσεως τῶν ποταμῶν καὶ τῶν λιμνῶν.

ΜΠΑΝΤΕΝ ΜΠΑΝΤΕΝ, 6. — Ἡ Δυτικὴ Γερμανία διαθέτει τεράστια ποσὰ διὰ τὴν ἀνέγερσιν ἐγκαταστάσεων διυλίσεως τῶν ἀκαθάρτων ὑδάτων πρὸς ἀποφυγὴν τῆς μολύνσεως τῶν ποταμῶν καὶ τῶν λιμνῶν.

ΜΠΑΝΤΕΝ ΜΠΑΝΤΕΝ, 6. — Ἡ Δυτικὴ Γερμανία διαθέτει τεράστια ποσὰ διὰ τὴν ἀνέγερσιν ἐγκαταστάσεων διυλίσεως τῶν ἀκαθάρτων ὑδάτων πρὸς ἀποφυγὴν τῆς μολύνσεως τῶν ποταμῶν καὶ τῶν λιμνῶν.

ΑΜΕΡΙΚΑΝΟΣ ΕΚΠΡΟΣΩΠΟΣ ΕΙΣ ΤΑ ΗΝΩΜΕΝΑ ΕΘΝΗ ΠΡΟΤΕΙΝΕΙ ΣΥΜΜΕΤΟΧΗΝ ΤΩΝ ΝΕΩΝ ΕΙΣ ΤΟ ΠΡΟΓΡΑΜΜΑ ΑΝΑΠΤΥΞΕΩΣ ΤΟΥ ΟΡΓΑΝΙΣΜΟΥ

ΓΕΝΕΥΗ, 6. — Ὁ ἀντιπρόσωπος τῶν ΗΠΑ ἐπρότεινε τὴν ἐνεργὸν συμμετοχὴν τῆς νεολαίας εἰς τὰ προγράμματα ἀναπτύξεως τοῦ Ὀργανισμοῦ.

ΓΕΝΕΥΗ, 6. — Ὁ ἀντιπρόσωπος τῶν ΗΠΑ ἐπρότεινε τὴν ἐνεργὸν συμμετοχὴν τῆς νεολαίας εἰς τὰ προγράμματα ἀναπτύξεως τοῦ Ὀργανισμοῦ.
